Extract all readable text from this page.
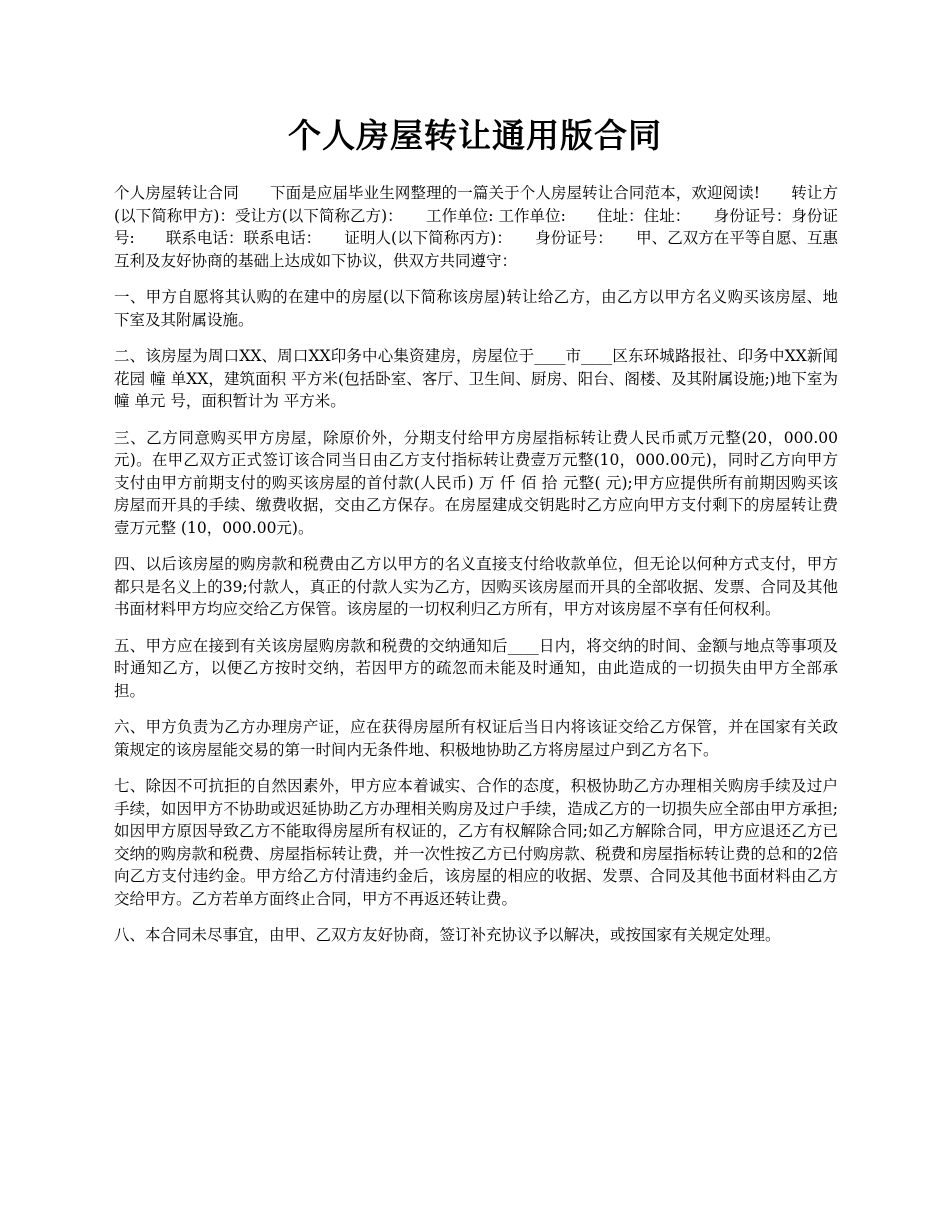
个人房屋转让通用版合同

个人房屋转让合同　　下面是应届毕业生网整理的一篇关于个人房屋转让合同范本，欢迎阅读!　　转让方(以下简称甲方)：受让方(以下简称乙方)：　　工作单位: 工作单位:　　住址：住址：　　身份证号：身份证号:　　联系电话：联系电话：　　证明人(以下简称丙方)：　　身份证号：　　甲、乙双方在平等自愿、互惠互利及友好协商的基础上达成如下协议，供双方共同遵守：

一、甲方自愿将其认购的在建中的房屋(以下简称该房屋)转让给乙方，由乙方以甲方名义购买该房屋、地下室及其附属设施。

二、该房屋为周口XX、周口XX印务中心集资建房，房屋位于____市____区东环城路报社、印务中XX新闻花园 幢 单XX，建筑面积 平方米(包括卧室、客厅、卫生间、厨房、阳台、阁楼、及其附属设施;)地下室为 幢 单元 号，面积暂计为 平方米。

三、乙方同意购买甲方房屋，除原价外，分期支付给甲方房屋指标转让费人民币贰万元整(20，000.00元)。在甲乙双方正式签订该合同当日由乙方支付指标转让费壹万元整(10，000.00元)，同时乙方向甲方支付由甲方前期支付的购买该房屋的首付款(人民币) 万 仟 佰 拾 元整( 元);甲方应提供所有前期因购买该房屋而开具的手续、缴费收据，交由乙方保存。在房屋建成交钥匙时乙方应向甲方支付剩下的房屋转让费壹万元整 (10，000.00元)。

四、以后该房屋的购房款和税费由乙方以甲方的名义直接支付给收款单位，但无论以何种方式支付，甲方都只是名义上的39;付款人，真正的付款人实为乙方，因购买该房屋而开具的全部收据、发票、合同及其他书面材料甲方均应交给乙方保管。该房屋的一切权利归乙方所有，甲方对该房屋不享有任何权利。

五、甲方应在接到有关该房屋购房款和税费的交纳通知后____日内，将交纳的时间、金额与地点等事项及时通知乙方，以便乙方按时交纳，若因甲方的疏忽而未能及时通知，由此造成的一切损失由甲方全部承担。

六、甲方负责为乙方办理房产证，应在获得房屋所有权证后当日内将该证交给乙方保管，并在国家有关政策规定的该房屋能交易的第一时间内无条件地、积极地协助乙方将房屋过户到乙方名下。

七、除因不可抗拒的自然因素外，甲方应本着诚实、合作的态度，积极协助乙方办理相关购房手续及过户手续，如因甲方不协助或迟延协助乙方办理相关购房及过户手续，造成乙方的一切损失应全部由甲方承担;如因甲方原因导致乙方不能取得房屋所有权证的，乙方有权解除合同;如乙方解除合同，甲方应退还乙方已交纳的购房款和税费、房屋指标转让费，并一次性按乙方已付购房款、税费和房屋指标转让费的总和的2倍向乙方支付违约金。甲方给乙方付清违约金后，该房屋的相应的收据、发票、合同及其他书面材料由乙方交给甲方。乙方若单方面终止合同，甲方不再返还转让费。

八、本合同未尽事宜，由甲、乙双方友好协商，签订补充协议予以解决，或按国家有关规定处理。
